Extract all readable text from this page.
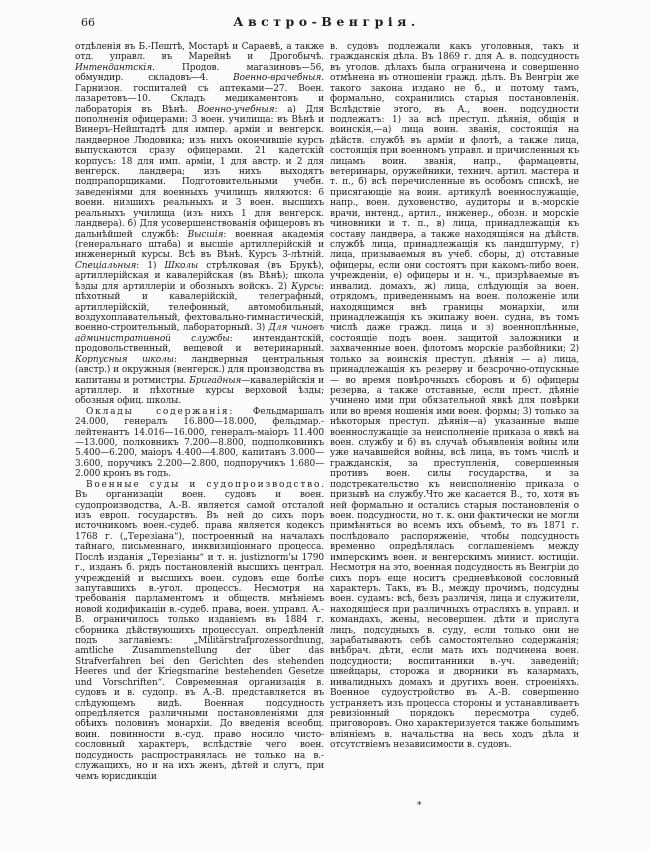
66	Австро-Венгрія.

отдѣленія въ Б.-Пештѣ, Мостарѣ и Сараевѣ, а также отд. управл. въ Марейнѣ и Дрогобычѣ. Интендантскія. Продов. магазиновъ—56, обмундир. складовъ—4. Военно-врачебныя. Гарнизон. госпиталей съ аптеками—27. Воен. лазаретовъ—10. Складъ медикаментовъ и лабораторія въ Вѣнѣ. Военно-учебныя: а) Для пополненія офицерами: 3 воен. училища: въ Вѣнѣ и Винеръ-Нейштадтѣ для импер. арміи и венгерск. ландверное Людовика; изъ нихъ окончившіе курсъ выпускаются сразу офицерами. 21 кадетскій корпусъ: 18 для имп. арміи, 1 для австр. и 2 для венгерск. ландвера; изъ нихъ выходятъ подпрапорщиками. Подготовительными учебн. заведеніями для военныхъ училищъ являются: 6 военн. низшихъ реальныхъ и 3 воен. высшихъ реальныхъ училища (изъ нихъ 1 для венгерск. ландвера). б) Для усовершенствованія офицеровъ въ дальнѣйшей службѣ: Высшія: военная академія (генеральнаго штаба) и высшіе артиллерійскій и инженерный курсы. Всѣ въ Вѣнѣ. Курсъ 3-лѣтній. Спеціальныя: 1) Школы стрѣлковая (въ Брукѣ), артиллерійская и кавалерійская (въ Вѣнѣ); школа ѣзды для артиллеріи и обозныхъ войскъ. 2) Курсы: пѣхотный и кавалерійскій, телеграфный, артиллерійскій, телефонный, автомобильный, воздухоплавательный, фехтовально-гимнастическій, военно-строительный, лабораторный. 3) Для чиновъ административной службы: интендантскій, продовольственный, вещевой и ветеринарный. Корпусныя школы: ландверныя центральныя (австр.) и окружныя (венгерск.) для производства въ капитаны и ротмистры. Бригадныя—кавалерійскія и артиллер. и пѣхотные курсы верховой ѣзды; обозныя офиц. школы.

Оклады содержанія: Фельдмаршалъ 24.000, генералъ 16.800—18.000, фельдмар.-лейтенантъ 14.016—16.000, генералъ-маіоръ 11.400—13.000, полковникъ 7.200—8.800, подполковникъ 5.400—6.200, маіоръ 4.400—4.800, капитанъ 3.000—3.600, поручикъ 2.200—2.800, подпоручикъ 1.680—2.000 кронъ въ годъ.

Военные суды и судопроизводство. Въ организаціи воен. судовъ и воен. судопроизводства, А.-В. является самой отсталой изъ европ. государствъ. Въ ней до сихъ поръ источникомъ воен.-судеб. права является кодексъ 1768 г. („Терезіана“), построенный на началахъ тайнаго, письменнаго, инквизиціоннаго процесса. Послѣ изданія „Терезіаны“ и т. н. justiznorm'ы 1790 г., изданъ б. рядъ постановленій высшихъ централ. учрежденій и высшихъ воен. судовъ еще болѣе запутавшихъ в.-угол. процессъ. Несмотря на требованія парламентомъ и обществ. мнѣніемъ новой кодификаціи в.-судеб. права, воен. управл. А.-В. ограничилось только изданіемъ въ 1884 г. сборника дѣйствующихъ процессуал. опредѣленій подъ заглавіемъ: „Militärstrafprozessordnung, amtliche Zusammenstellung der über das Strafverfahren bei den Gerichten des stehenden Heeres und der Kriegsmarine bestehenden Gesetze und Vorschriften“. Современная организація в. судовъ и в. судопр. въ А.-В. представляется въ слѣдующемъ видѣ. Военная подсудность опредѣляется различными постановленіями для обѣихъ половинъ монархіи. До введенія всеобщ. воин. повинности в.-суд. право носило чисто-сословный характеръ, вслѣдствіе чего воен. подсудность распространялась не только на в.-служащихъ, но и на ихъ женъ, дѣтей и слугъ, при чемъ юрисдикціи

в. судовъ подлежали какъ уголовныя, такъ и гражданскія дѣла. Въ 1869 г. для А. в. подсудность въ уголов. дѣлахъ была ограничена и совершенно отмѣнена въ отношеніи гражд. дѣлъ. Въ Венгріи же такого закона издано не б., и потому тамъ, формально, сохранились старыя постановленія. Вслѣдствіе этого, въ А., воен. подсудности подлежатъ: 1) за всѣ преступ. дѣянія, общія и воинскія,—а) лица воин. званія, состоящія на дѣйств. службѣ въ арміи и флотѣ, а также лица, состоящія при военномъ управл. и причисленныя къ лицамъ воин. званія, напр., фармацевты, ветеринары, оружейники, технич. артил. мастера и т. п., б) всѣ перечисленные въ особомъ спискѣ, не присягающіе на воин. артикулѣ военнослужащіе, напр., воен. духовенство, аудиторы и в.-морскіе врачи, интенд., артил., инженер., обозн. и морскіе чиновники и т. п., в) лица, принадлежащія къ составу ландвера, а также находящіяся на дѣйств. службѣ лица, принадлежащія къ ландштурму, г) лица, призываемыя въ учеб. сборы, д) отставные офицеры, если они состоятъ при какомъ-либо воен. учрежденіи, е) офицеры и н. ч., призрѣваемые въ инвалид. домахъ, ж) лица, слѣдующія за воен. отрядомъ, приведеннымъ на воен. положеніе или находящимся внѣ границы монархіи, или принадлежащія къ экипажу воен. судна, въ томъ числѣ даже гражд. лица и з) военноплѣнные, состоящіе подъ воен. защитой заложники и захваченные воен. флотомъ морскіе разбойники; 2) только за воинскія преступ. дѣянія — а) лица, принадлежащія къ резерву и безсрочно-отпускные — во время повѣрочныхъ сборовъ и б) офицеры резерва, а также отставные, если прест. дѣяніе учинено ими при обязательной явкѣ для повѣрки или во время ношенія ими воен. формы; 3) только за нѣкоторыя преступ. дѣянія—а) указанные выше военнослужащіе за неисполненіе приказа о явкѣ на воен. службу и б) въ случаѣ объявленія войны или уже начавшейся войны, всѣ лица, въ томъ числѣ и гражданскія, за преступленія, совершенныя противъ воен. силы государства, и за подстрекательство къ неисполненію приказа о призывѣ на службу.Что же касается В., то, хотя въ ней формально и остались старыя постановленія о воен. подсудности, но т. к. они фактически не могли примѣняться во всемъ ихъ объемѣ, то въ 1871 г. послѣдовало распоряженіе, чтобы подсудность временно опредѣлялась соглашеніемъ между имперскимъ воен. и венгерскимъ минист. юстиціи. Несмотря на это, военная подсудность въ Венгріи до сихъ поръ еще носитъ средневѣковой сословный характеръ. Такъ, въ В., между прочимъ, подсудны воен. судамъ: всѣ, безъ различія, лица и служители, находящіеся при различныхъ отрасляхъ в. управл. и командахъ, жены, несовершен. дѣти и прислуга лицъ, подсудныхъ в. суду, если только они не зарабатываютъ себѣ самостоятельно содержанія; внѣбрач. дѣти, если мать ихъ подчинена воен. подсудности; воспитанники в.-уч. заведеній; швейцары, сторожа и дворники въ казармахъ, инвалидныхъ домахъ и другихъ воен. строеніяхъ. Военное судоустройство въ А.-В. совершенно устраняетъ изъ процесса стороны и устанавливаетъ ревизіонный порядокъ пересмотра судеб. приговоровъ. Оно характеризуется также большимъ вліяніемъ в. начальства на весь ходъ дѣла и отсутствіемъ независимости в. судовъ.

*
